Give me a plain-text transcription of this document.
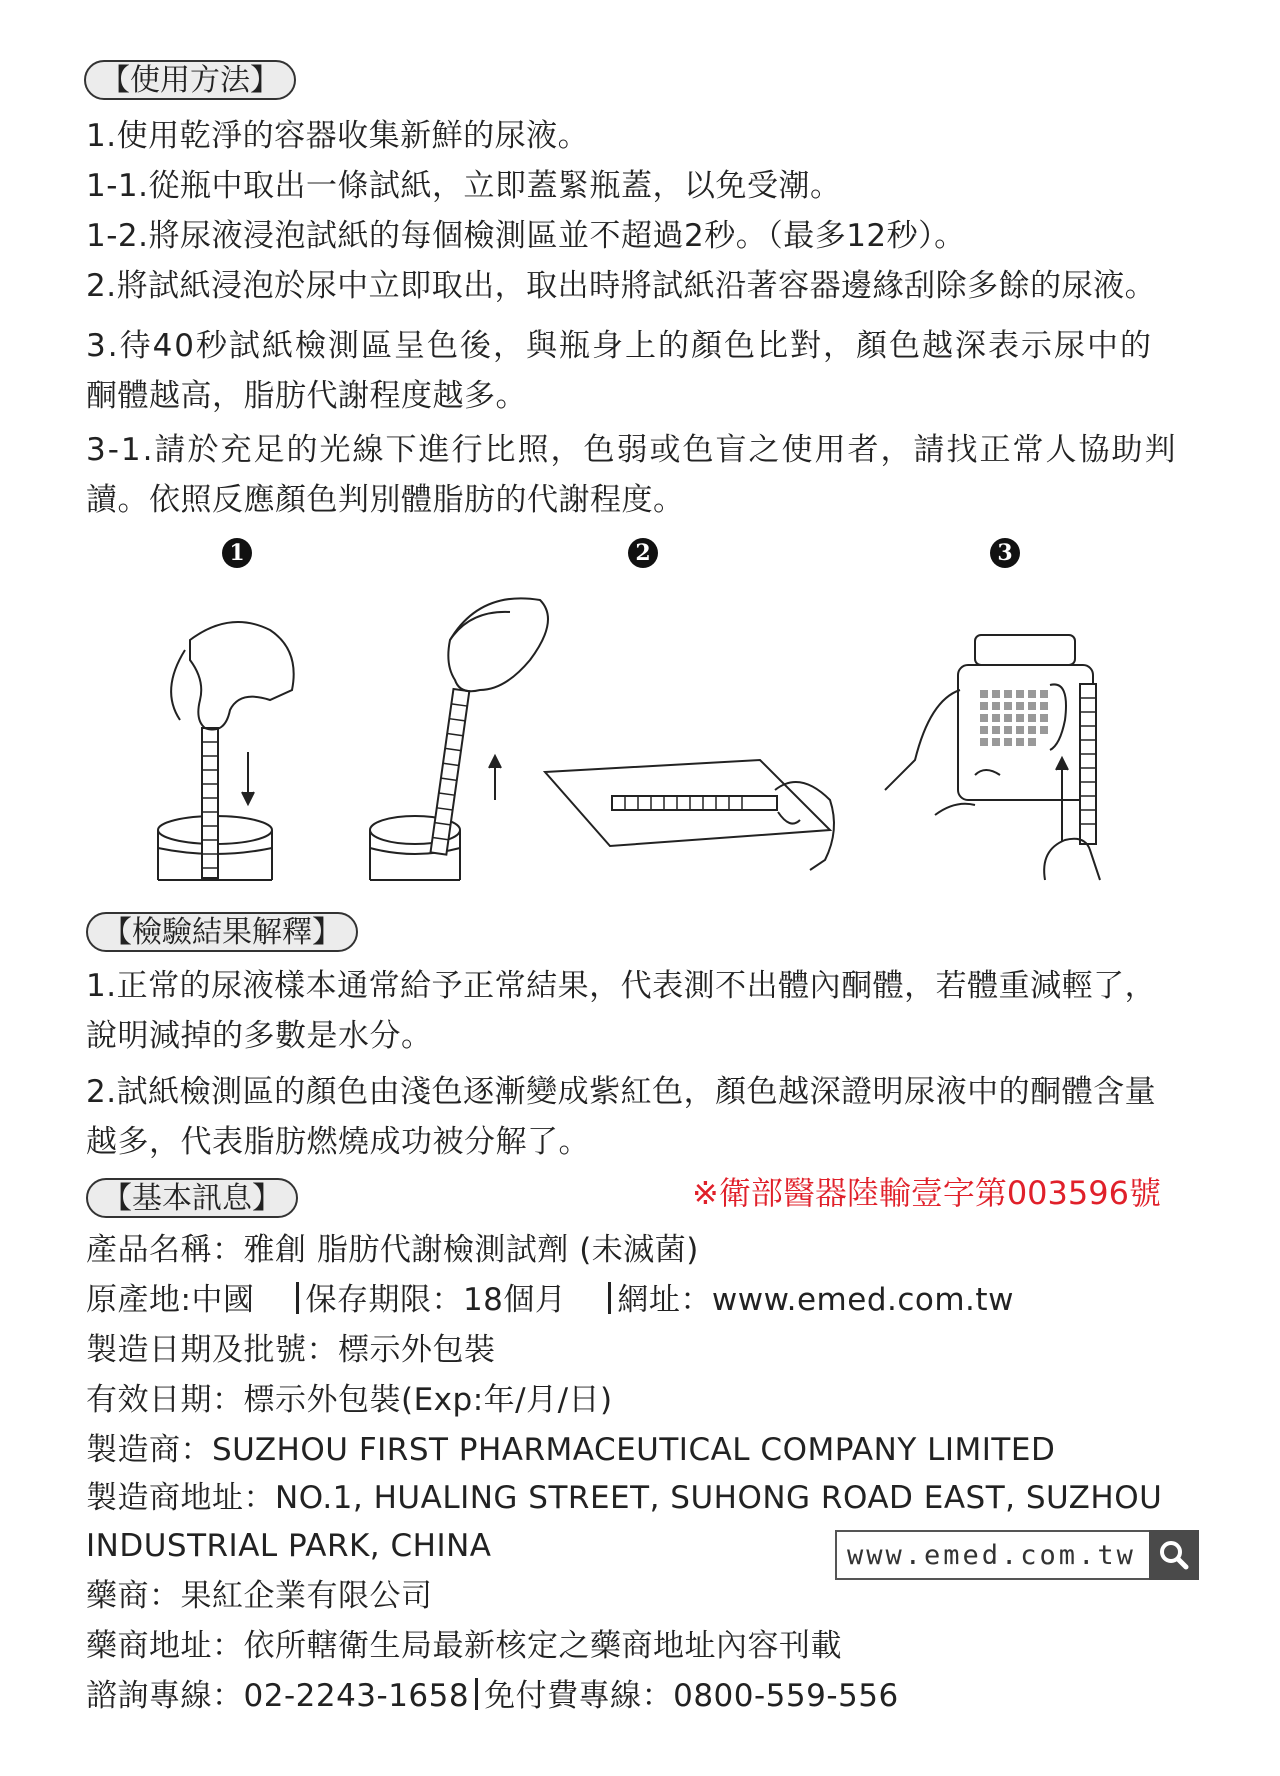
【使用方法】
1.使用乾淨的容器收集新鮮的尿液。
1-1.從瓶中取出一條試紙，立即蓋緊瓶蓋，以免受潮。
1-2.將尿液浸泡試紙的每個檢測區並不超過2秒。（最多12秒）。
2.將試紙浸泡於尿中立即取出，取出時將試紙沿著容器邊緣刮除多餘的尿液。
3.待40秒試紙檢測區呈色後，與瓶身上的顏色比對，顏色越深表示尿中的
酮體越高，脂肪代謝程度越多。
3-1.請於充足的光線下進行比照，色弱或色盲之使用者，請找正常人協助判
讀。依照反應顏色判別體脂肪的代謝程度。
1	2	3
【檢驗結果解釋】
1.正常的尿液樣本通常給予正常結果，代表測不出體內酮體，若體重減輕了，
說明減掉的多數是水分。
2.試紙檢測區的顏色由淺色逐漸變成紫紅色，顏色越深證明尿液中的酮體含量
越多，代表脂肪燃燒成功被分解了。
※衛部醫器陸輸壹字第003596號
【基本訊息】
產品名稱：雅創 脂肪代謝檢測試劑 (未滅菌)
原產地:中國 保存期限：18個月 網址：www.emed.com.tw
製造日期及批號：標示外包裝
有效日期：標示外包裝(Exp:年/月/日)
製造商：SUZHOU FIRST PHARMACEUTICAL COMPANY LIMITED
製造商地址：NO.1, HUALING STREET, SUHONG ROAD EAST, SUZHOU
INDUSTRIAL PARK, CHINA
藥商：果紅企業有限公司
藥商地址：依所轄衛生局最新核定之藥商地址內容刊載
諮詢專線：02-2243-1658 免付費專線：0800-559-556
www.emed.com.tw
